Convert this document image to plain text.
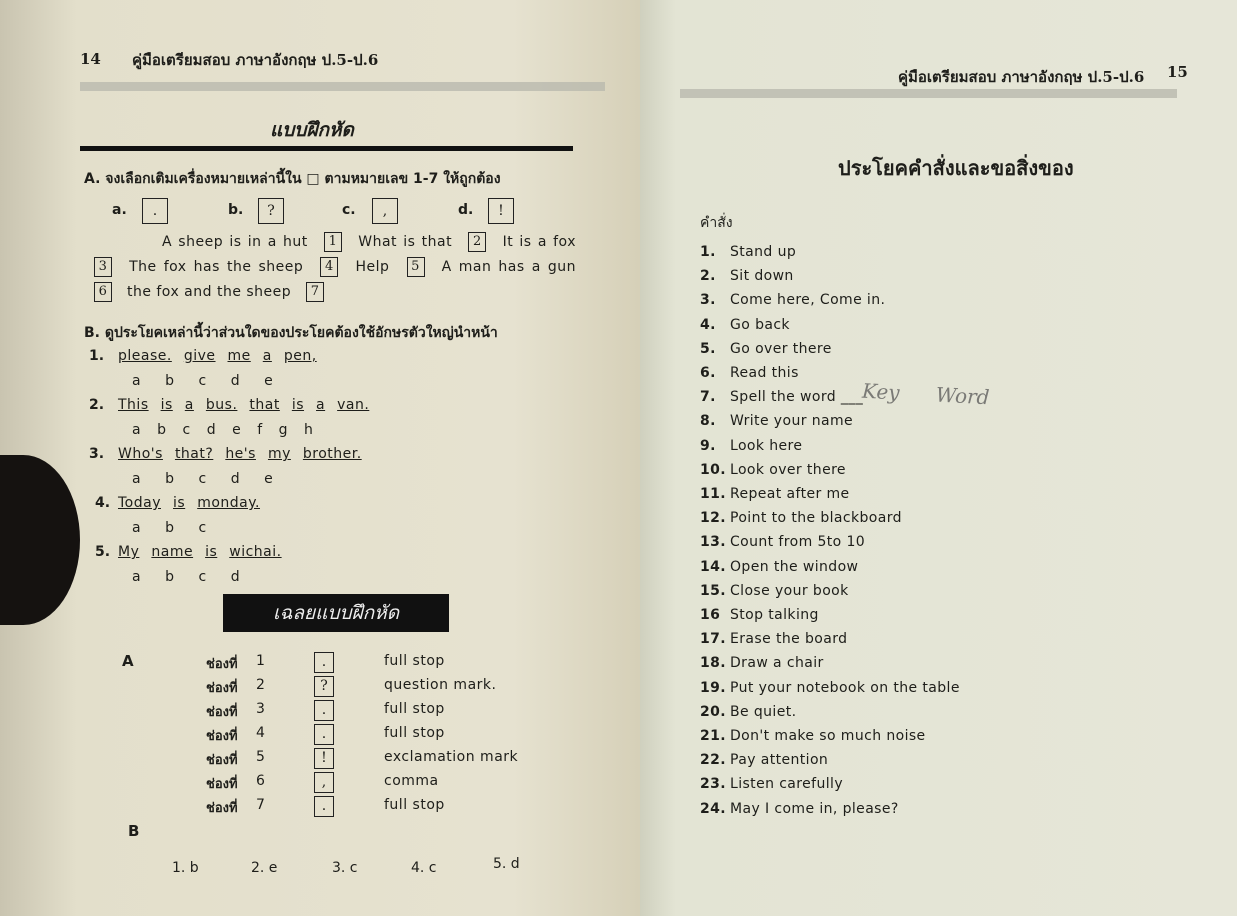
14 คู่มือเตรียมสอบ ภาษาอังกฤษ ป.5-ป.6
แบบฝึกหัด
A. จงเลือกเติมเครื่องหมายเหล่านี้ใน □ ตามหมายเลข 1-7 ให้ถูกต้อง
A sheep is in a hut 1 What is that 2 It is a fox 3 The fox has the sheep 4 Help 5 A man has a gun 6 the fox and the sheep 7
B. ดูประโยคเหล่านี้ว่าส่วนใดของประโยคต้องใช้อักษรตัวใหญ่นำหน้า
เฉลยแบบฝึกหัด
A
B
a.	.	b.	?	c.	,	d.	!
1. please. give me a pen,
a b c d e
2. This is a bus. that is a van.
a b c d e f g h
3. Who's that? he's my brother.
a b c d e
4. Today is monday.
a b c
5. My name is wichai.
a b c d
ช่องที่ 1	.	full stop
ช่องที่ 2	?	question mark.
ช่องที่ 3	.	full stop
ช่องที่ 4	.	full stop
ช่องที่ 5	!	exclamation mark
ช่องที่ 6	,	comma
ช่องที่ 7	.	full stop
1. b	2. e	3. c	4. c	5. d
คู่มือเตรียมสอบ ภาษาอังกฤษ ป.5-ป.6 15
ประโยคคำสั่งและขอสิ่งของ
คำสั่ง
Key Word
1. Stand up
2. Sit down
3. Come here, Come in.
4. Go back
5. Go over there
6. Read this
7. Spell the word ___
8. Write your name
9. Look here
10. Look over there
11. Repeat after me
12. Point to the blackboard
13. Count from 5to 10
14. Open the window
15. Close your book
16 Stop talking
17. Erase the board
18. Draw a chair
19. Put your notebook on the table
20. Be quiet.
21. Don't make so much noise
22. Pay attention
23. Listen carefully
24. May I come in, please?
